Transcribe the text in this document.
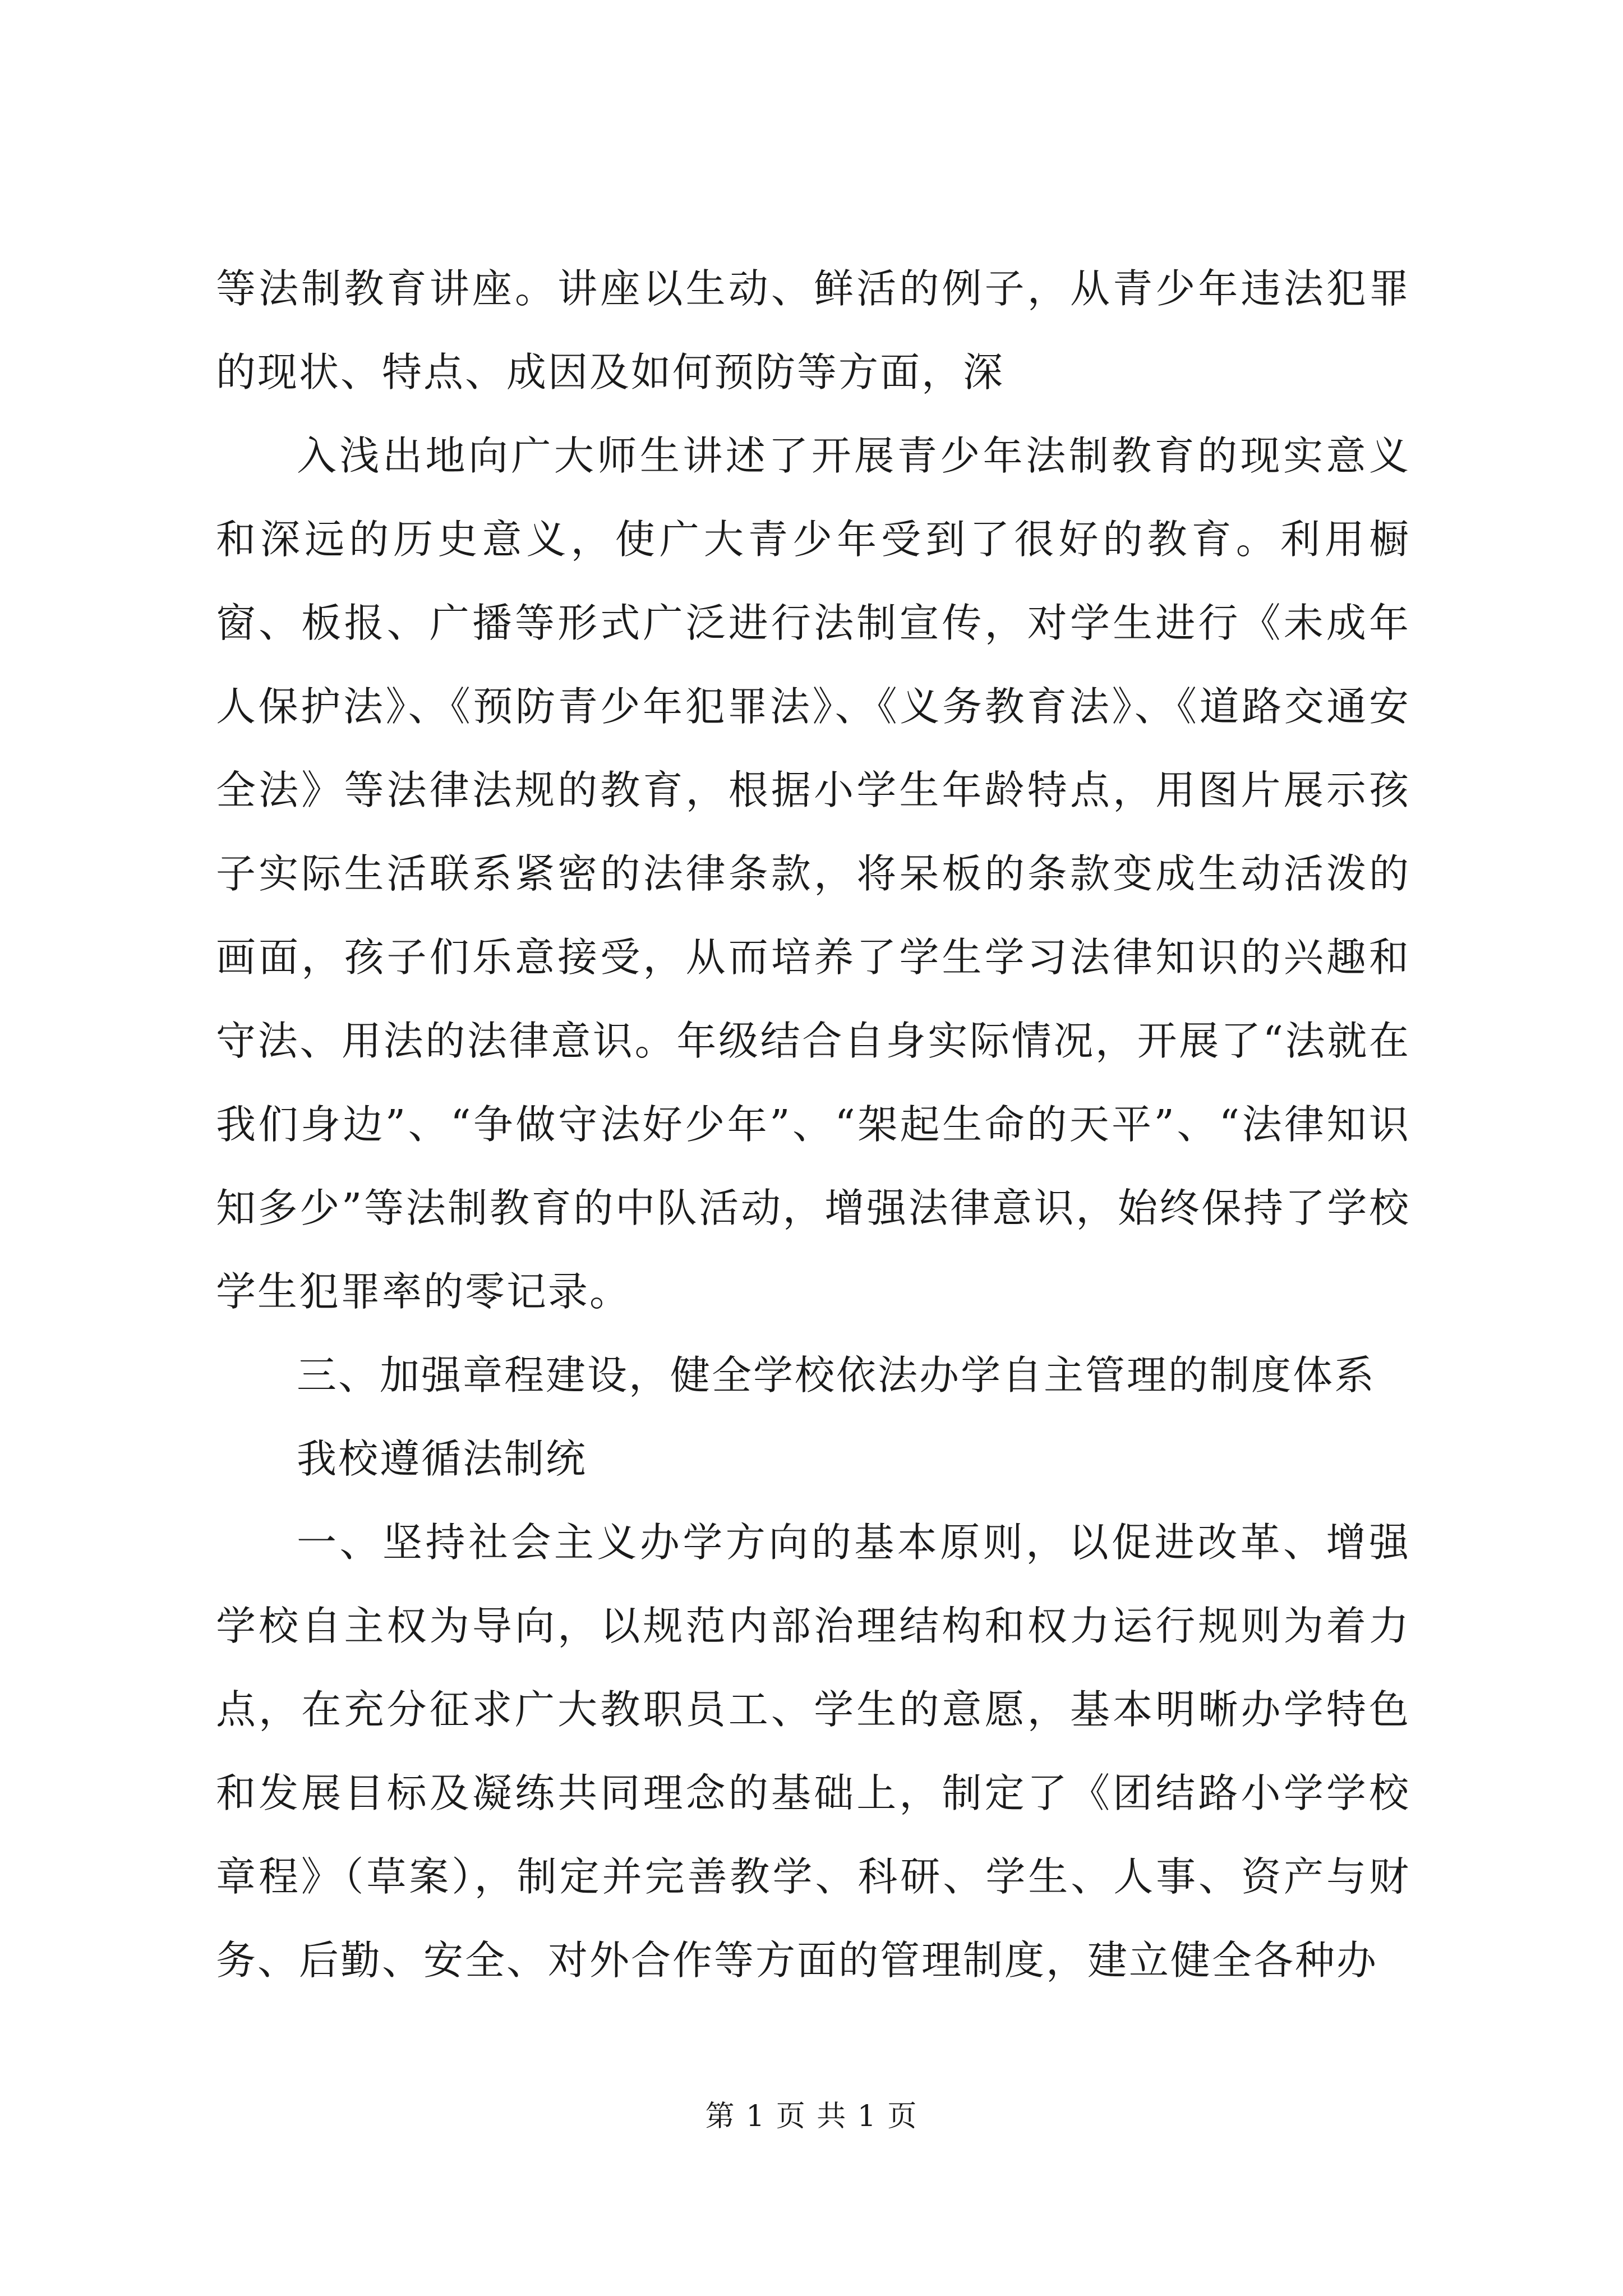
等法制教育讲座。讲座以生动、鲜活的例子，从青少年违法犯罪的现状、特点、成因及如何预防等方面，深

入浅出地向广大师生讲述了开展青少年法制教育的现实意义和深远的历史意义，使广大青少年受到了很好的教育。利用橱窗、板报、广播等形式广泛进行法制宣传，对学生进行《未成年人保护法》、《预防青少年犯罪法》、《义务教育法》、《道路交通安全法》等法律法规的教育，根据小学生年龄特点，用图片展示孩子实际生活联系紧密的法律条款，将呆板的条款变成生动活泼的画面，孩子们乐意接受，从而培养了学生学习法律知识的兴趣和守法、用法的法律意识。年级结合自身实际情况，开展了“法就在我们身边”、“争做守法好少年”、“架起生命的天平”、“法律知识知多少”等法制教育的中队活动，增强法律意识，始终保持了学校学生犯罪率的零记录。

三、加强章程建设，健全学校依法办学自主管理的制度体系

我校遵循法制统

一、坚持社会主义办学方向的基本原则，以促进改革、增强学校自主权为导向，以规范内部治理结构和权力运行规则为着力点，在充分征求广大教职员工、学生的意愿，基本明晰办学特色和发展目标及凝练共同理念的基础上，制定了《团结路小学学校章程》（草案），制定并完善教学、科研、学生、人事、资产与财务、后勤、安全、对外合作等方面的管理制度，建立健全各种办

第 1 页 共 1 页
